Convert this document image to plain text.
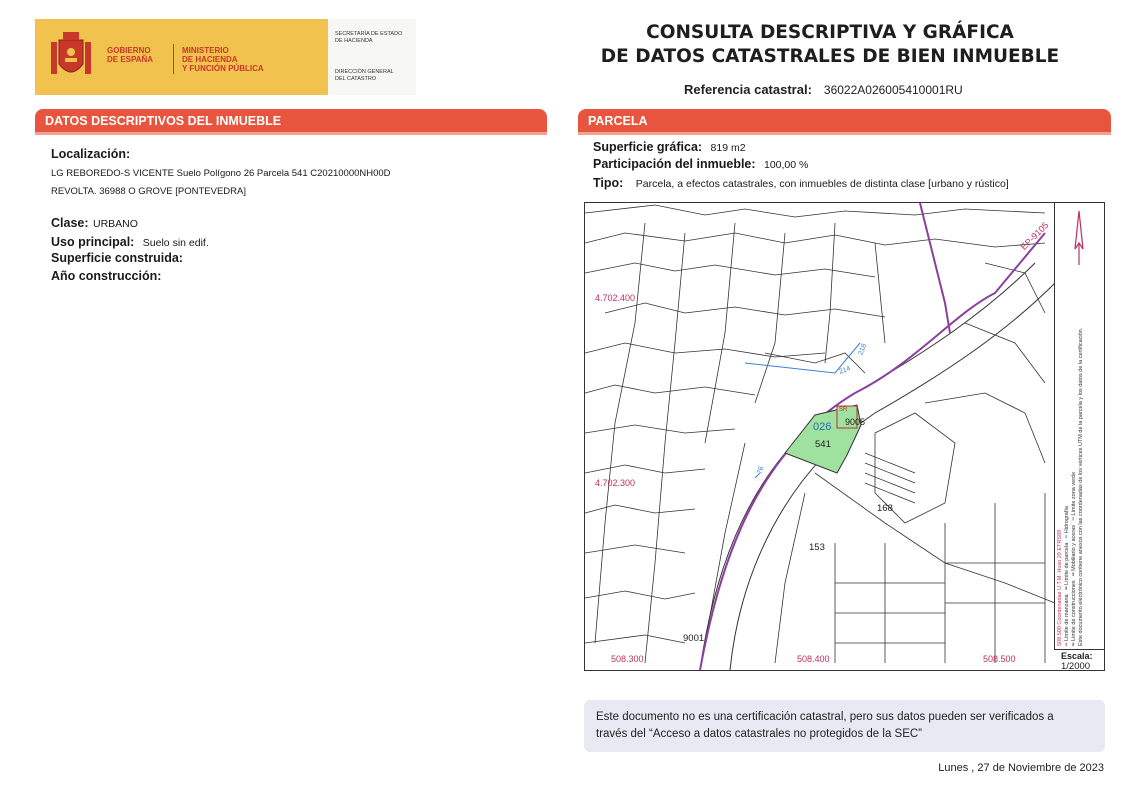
GOBIERNO
DE ESPAÑA
MINISTERIO
DE HACIENDA
Y FUNCIÓN PÚBLICA
SECRETARÍA DE ESTADO
DE HACIENDA
DIRECCIÓN GENERAL
DEL CATASTRO
CONSULTA DESCRIPTIVA Y GRÁFICA
DE DATOS CATASTRALES DE BIEN INMUEBLE
Referencia catastral: 36022A026005410001RU
DATOS DESCRIPTIVOS DEL INMUEBLE
Localización:
LG REBOREDO-S VICENTE Suelo Polígono 26 Parcela 541 C20210000NH00D
REVOLTA. 36988 O GROVE [PONTEVEDRA]
Clase: URBANO
Uso principal: Suelo sin edif.
Superficie construida:
Año construcción:
PARCELA
Superficie gráfica: 819 m2
Participación del inmueble: 100,00 %
Tipo: Parcela, a efectos catastrales, con inmuebles de distinta clase [urbano y rústico]
4.702.400
4.702.300
508.300	508.400	508.500
EP-9105
026
541
9005
SR
168
153
9001
214
218
76
508.500 Coordenadas U.T.M. Huso 29 ETRS89 ━ Límite de manzana   ━ Límite de parcela   ━ Hidrografía
━ Límite de construcciones   ━ Mobiliario y aceras   ━ Límite zona verde Este documento electrónico contiene anexos con las coordenadas de los vértices UTM de la parcela y los datos de la certificación.
Escala:
1/2000
Este documento no es una certificación catastral, pero sus datos pueden ser verificados a
través del “Acceso a datos catastrales no protegidos de la SEC”
Lunes , 27 de Noviembre de 2023
